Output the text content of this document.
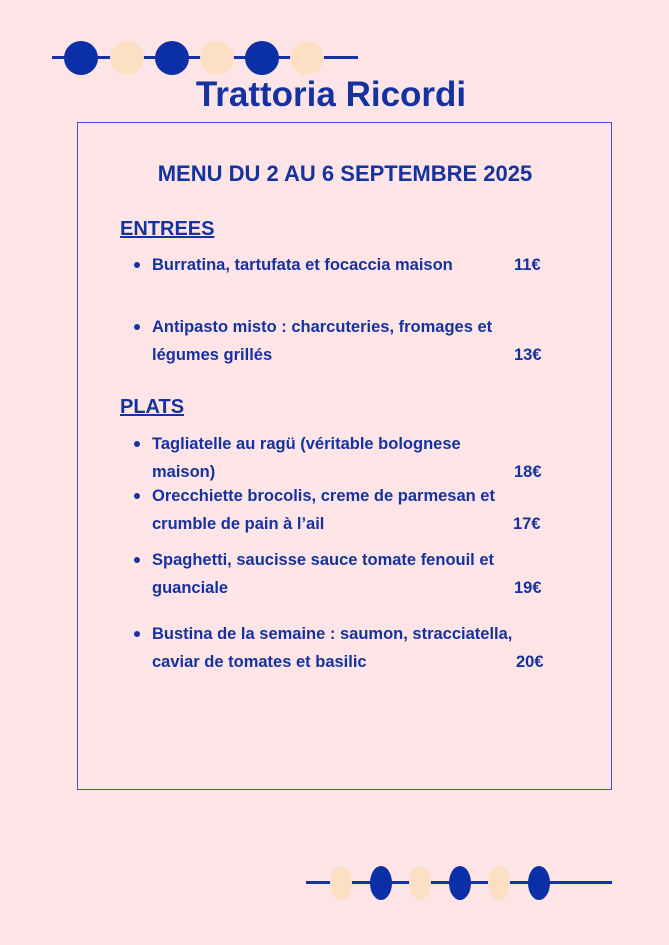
Trattoria Ricordi
MENU DU 2 AU 6 SEPTEMBRE 2025
ENTREES
Burratina, tartufata et focaccia maison	11€
Antipasto misto : charcuteries, fromages et
légumes grillés	13€
PLATS
Tagliatelle au ragü (véritable bolognese
maison)	18€
Orecchiette brocolis, creme de parmesan et
crumble de pain à l’ail	17€
Spaghetti, saucisse sauce tomate fenouil et
guanciale	19€
Bustina de la semaine : saumon, stracciatella,
caviar de tomates et basilic	20€
